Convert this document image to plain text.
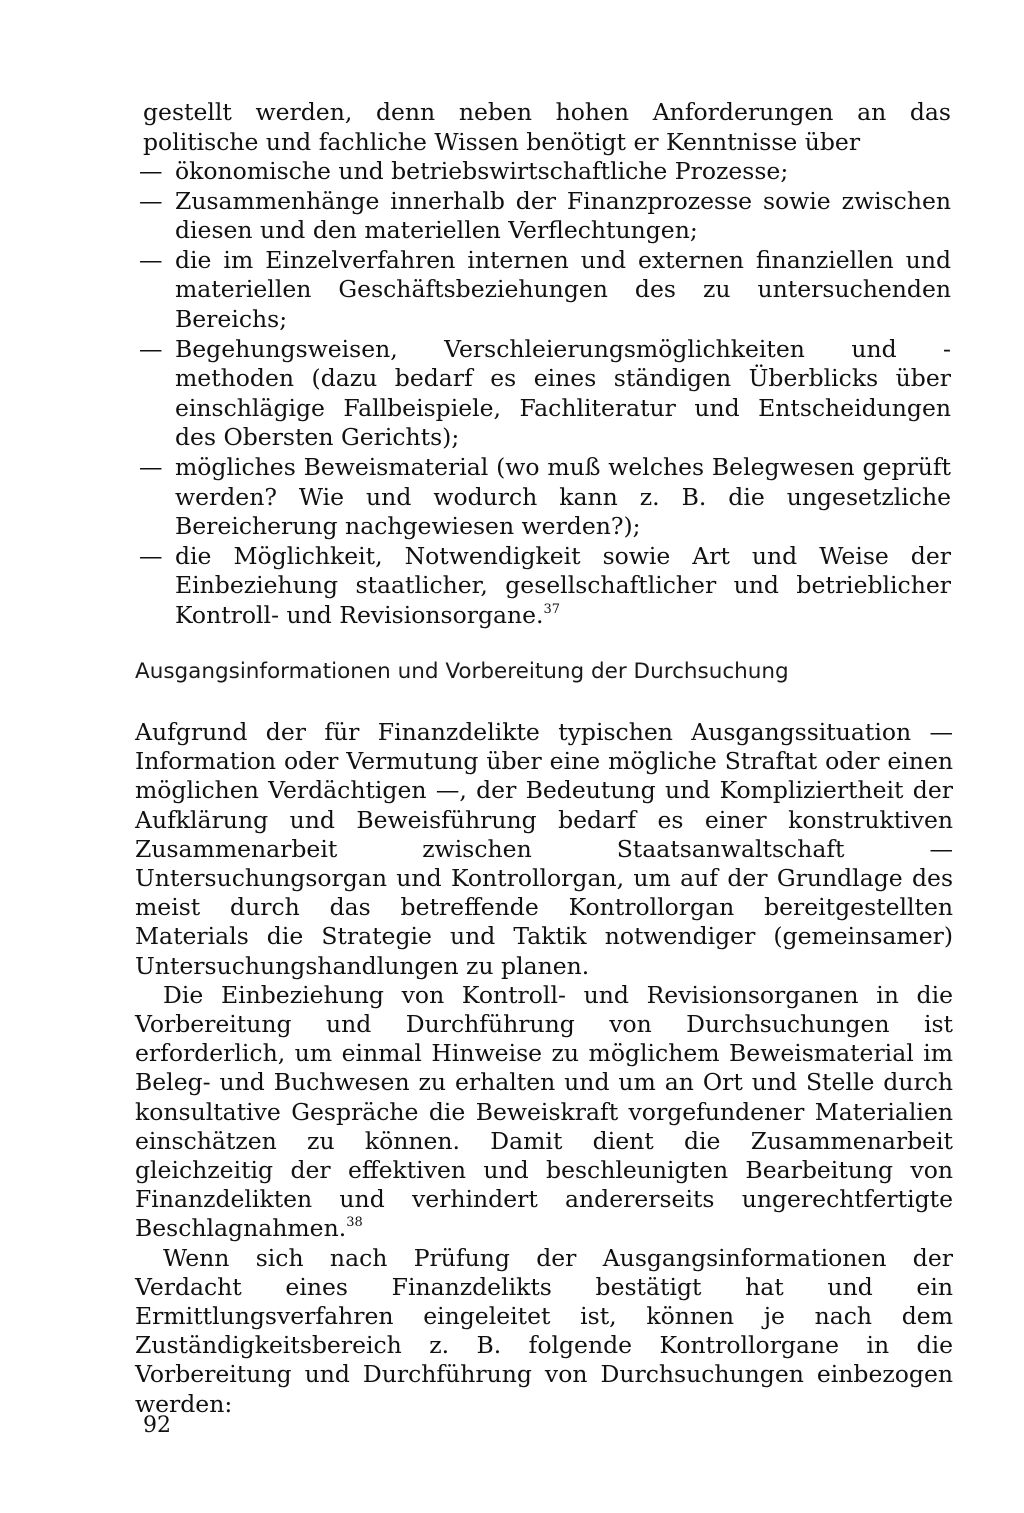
gestellt werden, denn neben hohen Anforderungen an das politische und fachliche Wissen benötigt er Kenntnisse über

— ökonomische und betriebswirtschaftliche Prozesse;
— Zusammenhänge innerhalb der Finanzprozesse sowie zwischen diesen und den materiellen Verflechtungen;
— die im Einzelverfahren internen und externen finanziellen und materiellen Geschäftsbeziehungen des zu untersuchenden Bereichs;
— Begehungsweisen, Verschleierungsmöglichkeiten und -methoden (dazu bedarf es eines ständigen Überblicks über einschlägige Fallbeispiele, Fachliteratur und Entscheidungen des Obersten Gerichts);
— mögliches Beweismaterial (wo muß welches Belegwesen geprüft werden? Wie und wodurch kann z. B. die ungesetzliche Bereicherung nachgewiesen werden?);
— die Möglichkeit, Notwendigkeit sowie Art und Weise der Einbeziehung staatlicher, gesellschaftlicher und betrieblicher Kontroll- und Revisionsorgane.$^{37}$
Ausgangsinformationen und Vorbereitung der Durchsuchung

Aufgrund der für Finanzdelikte typischen Ausgangssituation — Information oder Vermutung über eine mögliche Straftat oder einen möglichen Verdächtigen —, der Bedeutung und Kompliziertheit der Aufklärung und Beweisführung bedarf es einer konstruktiven Zusammenarbeit zwischen Staatsanwaltschaft — Untersuchungsorgan und Kontrollorgan, um auf der Grundlage des meist durch das betreffende Kontrollorgan bereitgestellten Materials die Strategie und Taktik notwendiger (gemeinsamer) Untersuchungshandlungen zu planen.

Die Einbeziehung von Kontroll- und Revisionsorganen in die Vorbereitung und Durchführung von Durchsuchungen ist erforderlich, um einmal Hinweise zu möglichem Beweismaterial im Beleg- und Buchwesen zu erhalten und um an Ort und Stelle durch konsultative Gespräche die Beweiskraft vorgefundener Materialien einschätzen zu können. Damit dient die Zusammenarbeit gleichzeitig der effektiven und beschleunigten Bearbeitung von Finanzdelikten und verhindert andererseits ungerechtfertigte Beschlagnahmen.$^{38}$

Wenn sich nach Prüfung der Ausgangsinformationen der Verdacht eines Finanzdelikts bestätigt hat und ein Ermittlungsverfahren eingeleitet ist, können je nach dem Zuständigkeitsbereich z. B. folgende Kontrollorgane in die Vorbereitung und Durchführung von Durchsuchungen einbezogen werden:

92
